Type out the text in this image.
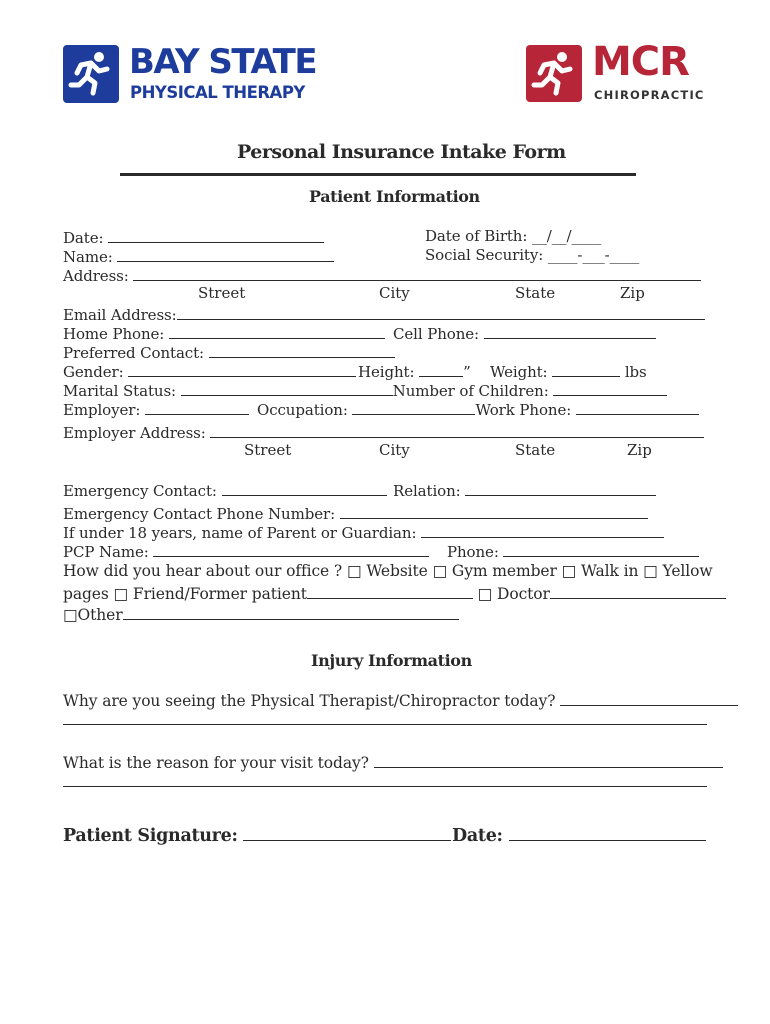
BAY STATE
PHYSICAL THERAPY
MCR
CHIROPRACTIC
Personal Insurance Intake Form
Patient Information
Date:	Date of Birth: __/__/____
Name:	Social Security: ____-___-____
Address:
Street	City	State	Zip
Email Address:
Home Phone:	Cell Phone:
Preferred Contact:
Gender:	Height:	” Weight:	lbs
Marital Status:	Number of Children:
Employer:	Occupation:	Work Phone:
Employer Address:
Street	City	State	Zip
Emergency Contact:	Relation:
Emergency Contact Phone Number:
If under 18 years, name of Parent or Guardian:
PCP Name:	Phone:
How did you hear about our office ? □ Website □ Gym member □ Walk in □ Yellow
pages □ Friend/Former patient	□ Doctor
□Other
Injury Information
Why are you seeing the Physical Therapist/Chiropractor today?
What is the reason for your visit today?
Patient Signature:	Date:
